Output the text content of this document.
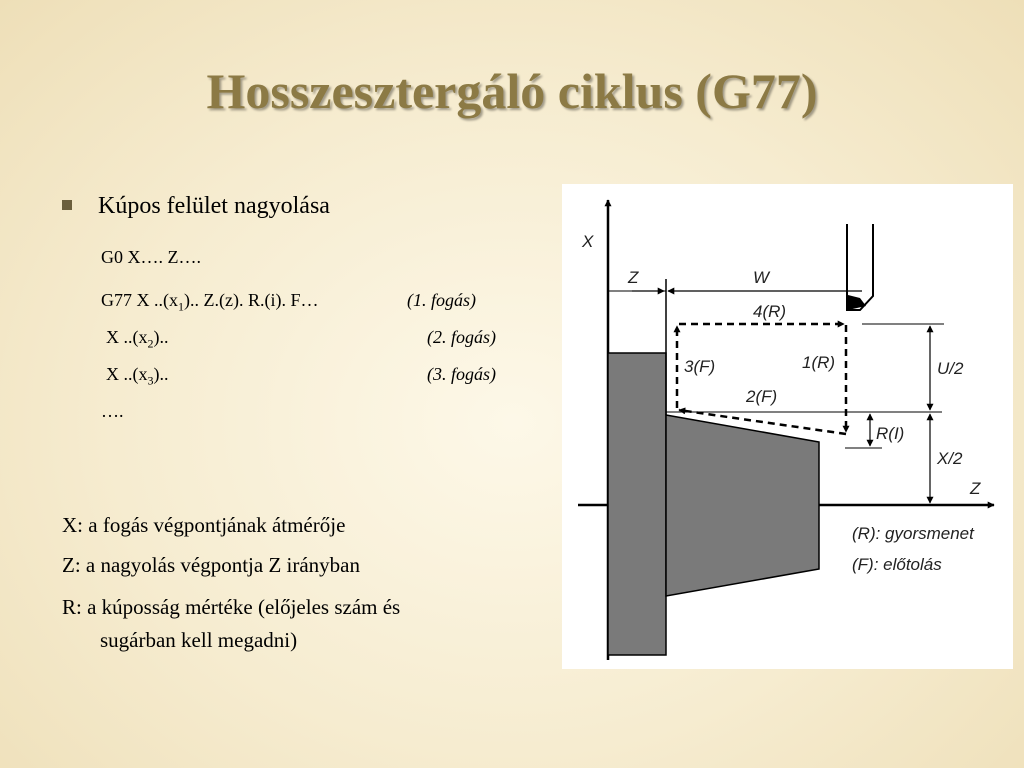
Hosszesztergáló ciklus (G77)
Kúpos felület nagyolása
G0 X…. Z….
G77 X $..(x_1)$.. Z.(z). R.(i). F…	(1. fogás)
X $..(x_2)$..	(2. fogás)
X $..(x_3)$..	(3. fogás)
….
X: a fogás végpontjának átmérője
Z: a nagyolás végpontja Z irányban
R: a kúposság mértéke (előjeles szám és
sugárban kell megadni)
X
Z
Z	W
4(R)
3(F)	1(R)
2(F)
U/2
R(I)
X/2
(R): gyorsmenet
(F): előtolás
